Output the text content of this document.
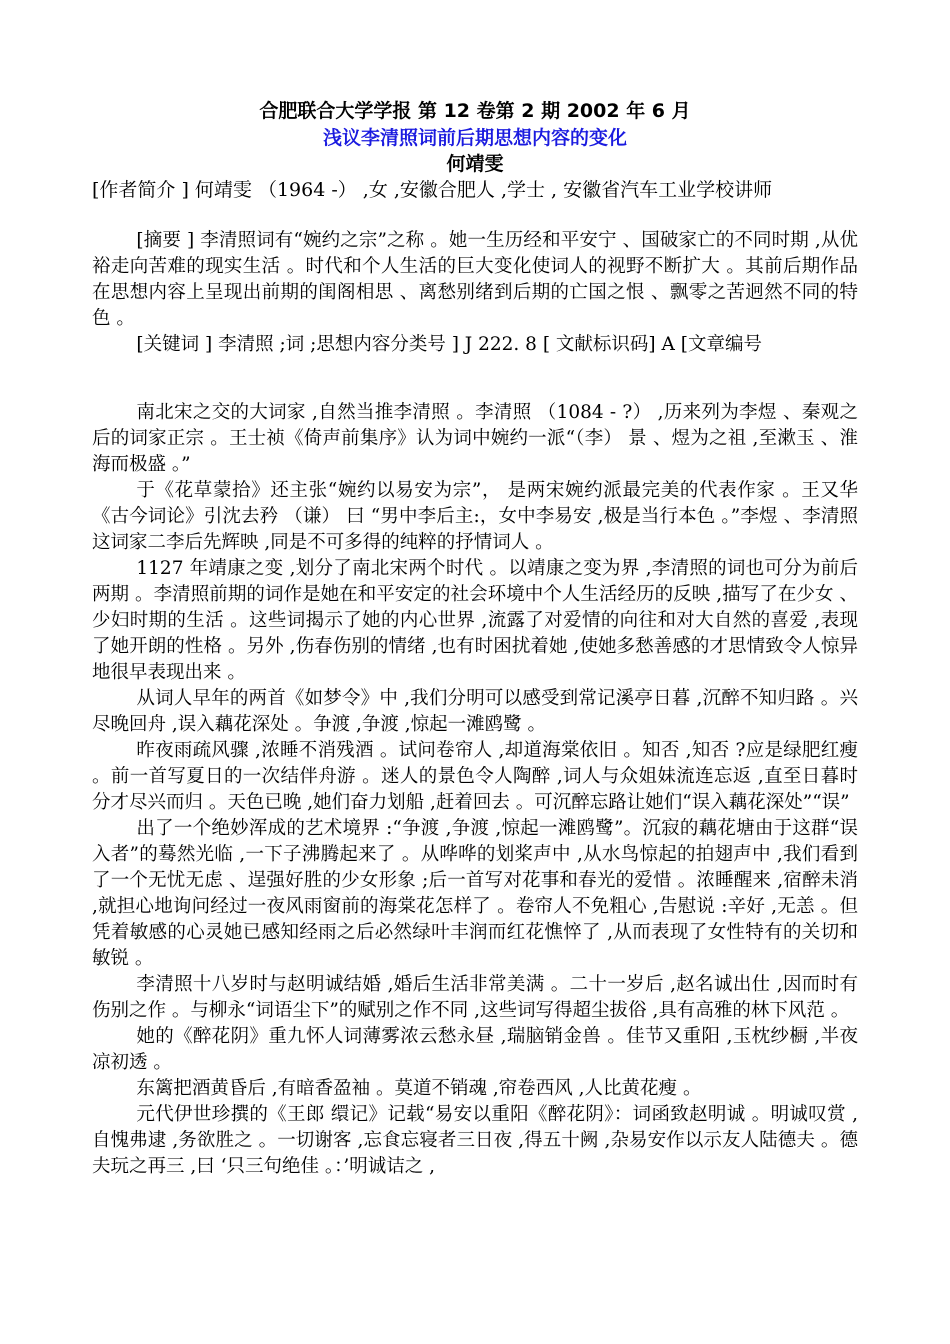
合肥联合大学学报 第 12 卷第 2 期 2002 年 6 月
浅议李清照词前后期思想内容的变化
何靖雯
[作者简介 ] 何靖雯 （1964 -） ,女 ,安徽合肥人 ,学士 , 安徽省汽车工业学校讲师

[摘要 ] 李清照词有“婉约之宗”之称 。她一生历经和平安宁 、国破家亡的不同时期 ,从优裕走向苦难的现实生活 。时代和个人生活的巨大变化使词人的视野不断扩大 。其前后期作品在思想内容上呈现出前期的闺阁相思 、离愁别绪到后期的亡国之恨 、飘零之苦迥然不同的特色 。

[关键词 ] 李清照 ;词 ;思想内容分类号 ] J 222. 8 [ 文献标识码] A [文章编号

南北宋之交的大词家 ,自然当推李清照 。李清照 （1084 - ?） ,历来列为李煜 、秦观之后的词家正宗 。王士祯《倚声前集序》认为词中婉约一派“（李） 景 、煜为之祖 ,至漱玉 、淮海而极盛 。”

于《花草蒙拾》还主张“婉约以易安为宗”， 是两宋婉约派最完美的代表作家 。王又华《古今词论》引沈去矜 （谦） 曰 “男中李后主:，女中李易安 ,极是当行本色 。”李煜 、李清照这词家二李后先辉映 ,同是不可多得的纯粹的抒情词人 。

1127 年靖康之变 ,划分了南北宋两个时代 。以靖康之变为界 ,李清照的词也可分为前后两期 。李清照前期的词作是她在和平安定的社会环境中个人生活经历的反映 ,描写了在少女 、少妇时期的生活 。这些词揭示了她的内心世界 ,流露了对爱情的向往和对大自然的喜爱 ,表现了她开朗的性格 。另外 ,伤春伤别的情绪 ,也有时困扰着她 ,使她多愁善感的才思情致令人惊异地很早表现出来 。

从词人早年的两首《如梦令》中 ,我们分明可以感受到常记溪亭日暮 ,沉醉不知归路 。兴尽晚回舟 ,误入藕花深处 。争渡 ,争渡 ,惊起一滩鸥鹭 。

昨夜雨疏风骤 ,浓睡不消残酒 。试问卷帘人 ,却道海棠依旧 。知否 ,知否 ?应是绿肥红瘦 。前一首写夏日的一次结伴舟游 。迷人的景色令人陶醉 ,词人与众姐妹流连忘返 ,直至日暮时分才尽兴而归 。天色已晚 ,她们奋力划船 ,赶着回去 。可沉醉忘路让她们“误入藕花深处”“误”

出了一个绝妙浑成的艺术境界 :“争渡 ,争渡 ,惊起一滩鸥鹭”。沉寂的藕花塘由于这群“误入者”的蓦然光临 ,一下子沸腾起来了 。从哗哗的划桨声中 ,从水鸟惊起的拍翅声中 ,我们看到了一个无忧无虑 、逞强好胜的少女形象 ;后一首写对花事和春光的爱惜 。浓睡醒来 ,宿醉未消 ,就担心地询问经过一夜风雨窗前的海棠花怎样了 。卷帘人不免粗心 ,告慰说 :辛好 ,无恙 。但凭着敏感的心灵她已感知经雨之后必然绿叶丰润而红花憔悴了 ,从而表现了女性特有的关切和敏锐 。

李清照十八岁时与赵明诚结婚 ,婚后生活非常美满 。二十一岁后 ,赵名诚出仕 ,因而时有伤别之作 。与柳永“词语尘下”的赋别之作不同 ,这些词写得超尘拔俗 ,具有高雅的林下风范 。

她的《醉花阴》重九怀人词薄雾浓云愁永昼 ,瑞脑销金兽 。佳节又重阳 ,玉枕纱橱 ,半夜凉初透 。

东篱把酒黄昏后 ,有暗香盈袖 。莫道不销魂 ,帘卷西风 ,人比黄花瘦 。

元代伊世珍撰的《王郎 缳记》记载“易安以重阳《醉花阴》：词函致赵明诚 。明诚叹赏 ,自愧弗逮 ,务欲胜之 。一切谢客 ,忘食忘寝者三日夜 ,得五十阙 ,杂易安作以示友人陆德夫 。德夫玩之再三 ,曰 ‘只三句绝佳 。：’明诚诘之 ,
